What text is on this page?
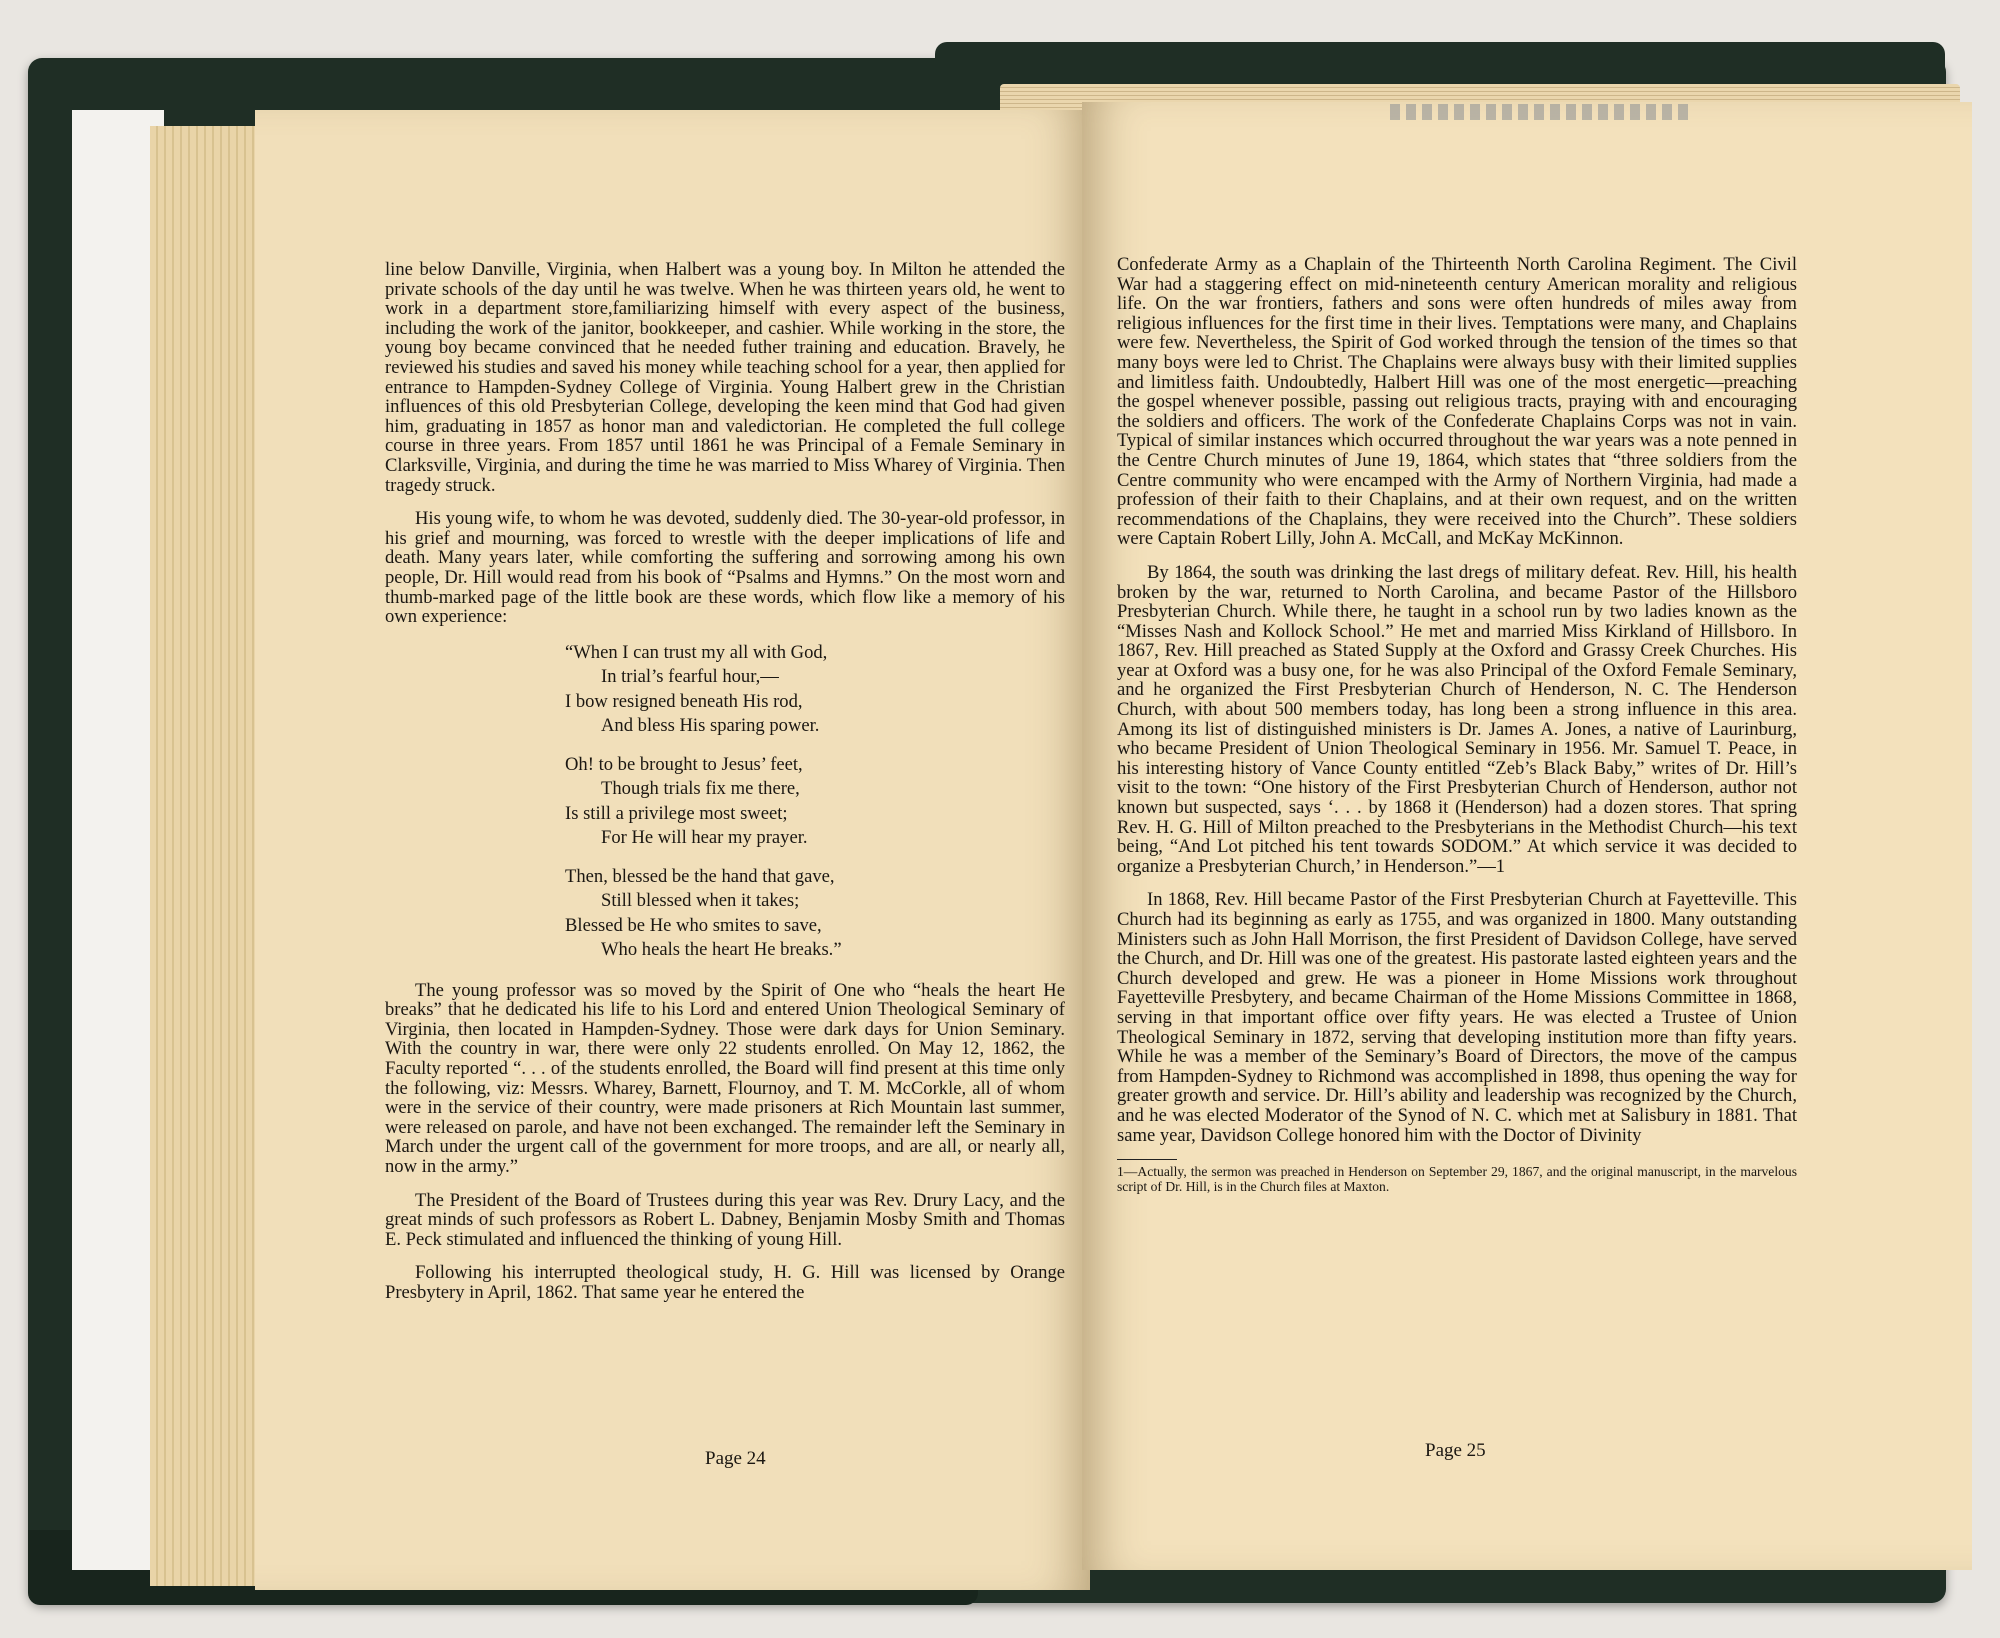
line below Danville, Virginia, when Halbert was a young boy. In Milton he attended the private schools of the day until he was twelve. When he was thirteen years old, he went to work in a department store,familiarizing himself with every aspect of the business, including the work of the janitor, bookkeeper, and cashier. While working in the store, the young boy became convinced that he needed futher training and education. Bravely, he reviewed his studies and saved his money while teaching school for a year, then applied for entrance to Hampden-Sydney College of Virginia. Young Halbert grew in the Christian influences of this old Presbyterian College, developing the keen mind that God had given him, graduating in 1857 as honor man and valedictorian. He completed the full college course in three years. From 1857 until 1861 he was Principal of a Female Seminary in Clarksville, Virginia, and during the time he was married to Miss Wharey of Virginia. Then tragedy struck.

His young wife, to whom he was devoted, suddenly died. The 30-year-old professor, in his grief and mourning, was forced to wrestle with the deeper implications of life and death. Many years later, while comforting the suffering and sorrowing among his own people, Dr. Hill would read from his book of “Psalms and Hymns.” On the most worn and thumb-marked page of the little book are these words, which flow like a memory of his own experience:

“When I can trust my all with God,
In trial’s fearful hour,—
I bow resigned beneath His rod,
And bless His sparing power.
Oh! to be brought to Jesus’ feet,
Though trials fix me there,
Is still a privilege most sweet;
For He will hear my prayer.
Then, blessed be the hand that gave,
Still blessed when it takes;
Blessed be He who smites to save,
Who heals the heart He breaks.”

The young professor was so moved by the Spirit of One who “heals the heart He breaks” that he dedicated his life to his Lord and entered Union Theological Seminary of Virginia, then located in Hampden-Sydney. Those were dark days for Union Seminary. With the country in war, there were only 22 students enrolled. On May 12, 1862, the Faculty reported “. . . of the students enrolled, the Board will find present at this time only the following, viz: Messrs. Wharey, Barnett, Flournoy, and T. M. McCorkle, all of whom were in the service of their country, were made prisoners at Rich Mountain last summer, were released on parole, and have not been exchanged. The remainder left the Seminary in March under the urgent call of the government for more troops, and are all, or nearly all, now in the army.”

The President of the Board of Trustees during this year was Rev. Drury Lacy, and the great minds of such professors as Robert L. Dabney, Benjamin Mosby Smith and Thomas E. Peck stimulated and influenced the thinking of young Hill.

Following his interrupted theological study, H. G. Hill was licensed by Orange Presbytery in April, 1862. That same year he entered the

Page 24

Confederate Army as a Chaplain of the Thirteenth North Carolina Regiment. The Civil War had a staggering effect on mid-nineteenth century American morality and religious life. On the war frontiers, fathers and sons were often hundreds of miles away from religious influences for the first time in their lives. Temptations were many, and Chaplains were few. Nevertheless, the Spirit of God worked through the tension of the times so that many boys were led to Christ. The Chaplains were always busy with their limited supplies and limitless faith. Undoubtedly, Halbert Hill was one of the most energetic—preaching the gospel whenever possible, passing out religious tracts, praying with and encouraging the soldiers and officers. The work of the Confederate Chaplains Corps was not in vain. Typical of similar instances which occurred throughout the war years was a note penned in the Centre Church minutes of June 19, 1864, which states that “three soldiers from the Centre community who were encamped with the Army of Northern Virginia, had made a profession of their faith to their Chaplains, and at their own request, and on the written recommendations of the Chaplains, they were received into the Church”. These soldiers were Captain Robert Lilly, John A. McCall, and McKay McKinnon.

By 1864, the south was drinking the last dregs of military defeat. Rev. Hill, his health broken by the war, returned to North Carolina, and became Pastor of the Hillsboro Presbyterian Church. While there, he taught in a school run by two ladies known as the “Misses Nash and Kollock School.” He met and married Miss Kirkland of Hillsboro. In 1867, Rev. Hill preached as Stated Supply at the Oxford and Grassy Creek Churches. His year at Oxford was a busy one, for he was also Principal of the Oxford Female Seminary, and he organized the First Presbyterian Church of Henderson, N. C. The Henderson Church, with about 500 members today, has long been a strong influence in this area. Among its list of distinguished ministers is Dr. James A. Jones, a native of Laurinburg, who became President of Union Theological Seminary in 1956. Mr. Samuel T. Peace, in his interesting history of Vance County entitled “Zeb’s Black Baby,” writes of Dr. Hill’s visit to the town: “One history of the First Presbyterian Church of Henderson, author not known but suspected, says ‘. . . by 1868 it (Henderson) had a dozen stores. That spring Rev. H. G. Hill of Milton preached to the Presbyterians in the Methodist Church—his text being, “And Lot pitched his tent towards SODOM.” At which service it was decided to organize a Presbyterian Church,’ in Henderson.”—1

In 1868, Rev. Hill became Pastor of the First Presbyterian Church at Fayetteville. This Church had its beginning as early as 1755, and was organized in 1800. Many outstanding Ministers such as John Hall Morrison, the first President of Davidson College, have served the Church, and Dr. Hill was one of the greatest. His pastorate lasted eighteen years and the Church developed and grew. He was a pioneer in Home Missions work throughout Fayetteville Presbytery, and became Chairman of the Home Missions Committee in 1868, serving in that important office over fifty years. He was elected a Trustee of Union Theological Seminary in 1872, serving that developing institution more than fifty years. While he was a member of the Seminary’s Board of Directors, the move of the campus from Hampden-Sydney to Richmond was accomplished in 1898, thus opening the way for greater growth and service. Dr. Hill’s ability and leadership was recognized by the Church, and he was elected Moderator of the Synod of N. C. which met at Salisbury in 1881. That same year, Davidson College honored him with the Doctor of Divinity

1—Actually, the sermon was preached in Henderson on September 29, 1867, and the original manuscript, in the marvelous script of Dr. Hill, is in the Church files at Maxton.
Page 25
